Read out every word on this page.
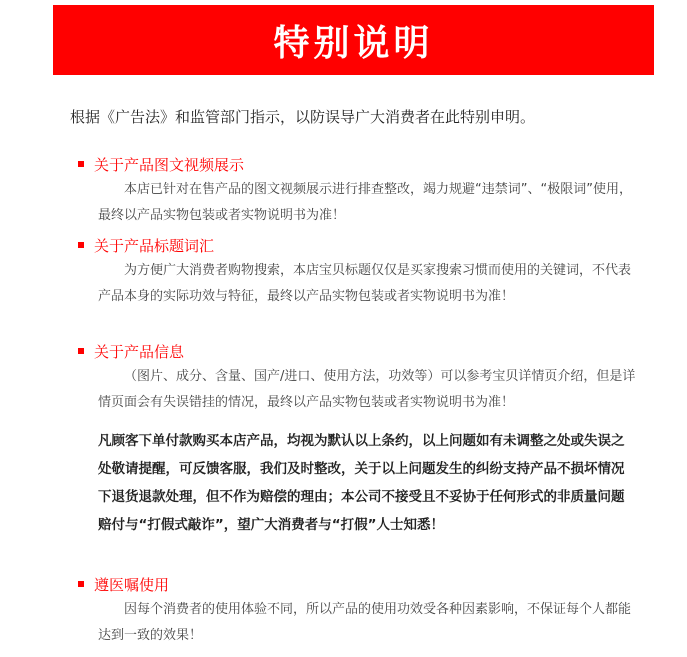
特别说明
根据《广告法》和监管部门指示，以防误导广大消费者在此特别申明。
关于产品图文视频展示
本店已针对在售产品的图文视频展示进行排查整改，竭力规避“违禁词”、“极限词”使用，最终以产品实物包装或者实物说明书为准！
关于产品标题词汇
为方便广大消费者购物搜索，本店宝贝标题仅仅是买家搜索习惯而使用的关键词，不代表产品本身的实际功效与特征，最终以产品实物包装或者实物说明书为准！
关于产品信息
（图片、成分、含量、国产/进口、使用方法，功效等）可以参考宝贝详情页介绍，但是详情页面会有失误错挂的情况，最终以产品实物包装或者实物说明书为准！
凡顾客下单付款购买本店产品，均视为默认以上条约，以上问题如有未调整之处或失误之处敬请提醒，可反馈客服，我们及时整改，关于以上问题发生的纠纷支持产品不损坏情况下退货退款处理，但不作为赔偿的理由；本公司不接受且不妥协于任何形式的非质量问题赔付与“打假式敲诈”，望广大消费者与“打假”人士知悉！
遵医嘱使用
因每个消费者的使用体验不同，所以产品的使用功效受各种因素影响，不保证每个人都能达到一致的效果！
